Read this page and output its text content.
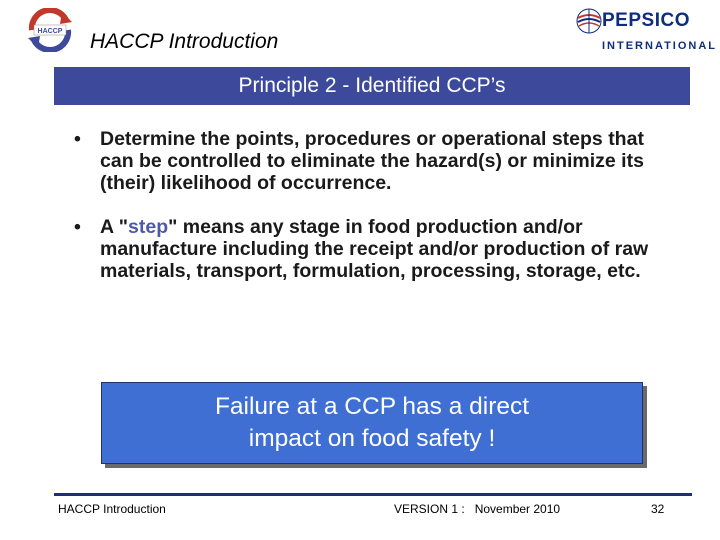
HACCP HACCP Introduction
PEPSICO
INTERNATIONAL
Principle 2 - Identified CCP’s
• Determine the points, procedures or operational steps that can be controlled to eliminate the hazard(s) or minimize its (their) likelihood of occurrence.
• A "step" means any stage in food production and/or manufacture including the receipt and/or production of raw materials, transport, formulation, processing, storage, etc.
Failure at a CCP has a direct
impact on food safety !
HACCP Introduction	VERSION 1 :   November 2010	32
